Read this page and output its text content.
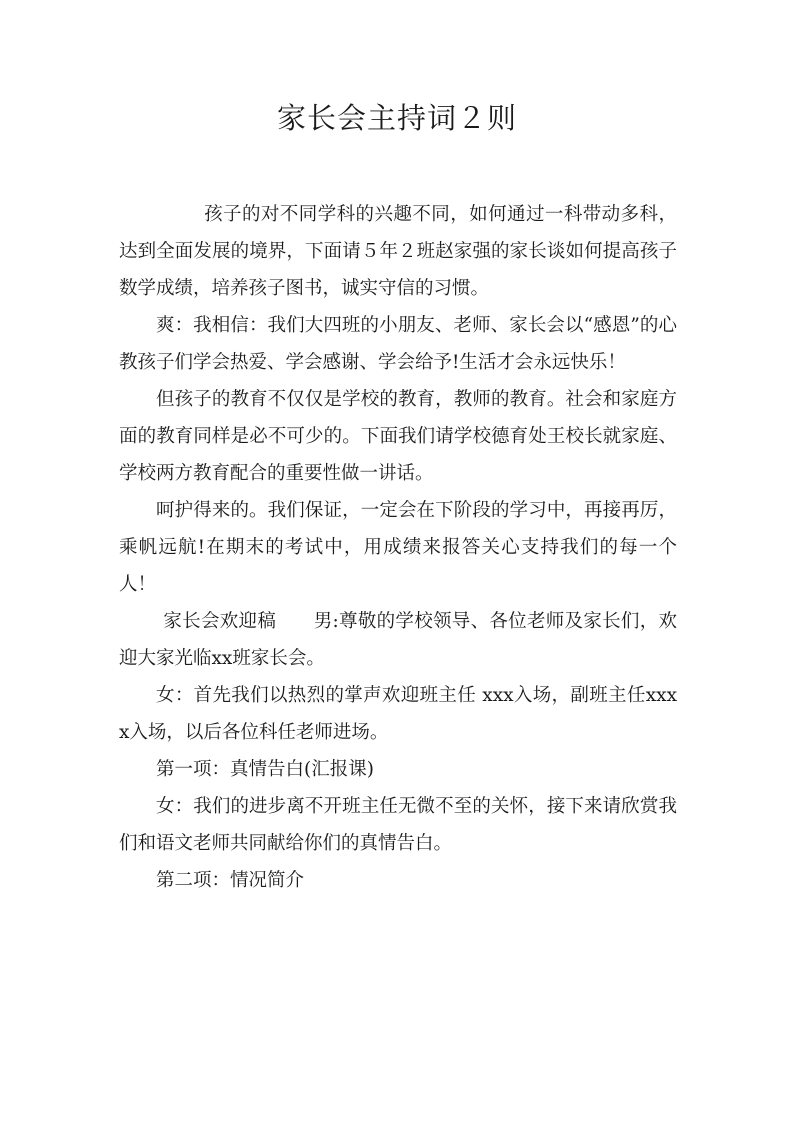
家长会主持词２则

孩子的对不同学科的兴趣不同，如何通过一科带动多科，达到全面发展的境界，下面请５年２班赵家强的家长谈如何提高孩子数学成绩，培养孩子图书，诚实守信的习惯。

爽：我相信：我们大四班的小朋友、老师、家长会以“感恩”的心教孩子们学会热爱、学会感谢、学会给予!生活才会永远快乐！

但孩子的教育不仅仅是学校的教育，教师的教育。社会和家庭方面的教育同样是必不可少的。下面我们请学校德育处王校长就家庭、学校两方教育配合的重要性做一讲话。

呵护得来的。我们保证，一定会在下阶段的学习中，再接再厉，乘帆远航!在期末的考试中，用成绩来报答关心支持我们的每一个人！

家长会欢迎稿　　男:尊敬的学校领导、各位老师及家长们，欢迎大家光临xx班家长会。

女：首先我们以热烈的掌声欢迎班主任 xxx入场，副班主任xxxx入场，以后各位科任老师进场。

第一项：真情告白(汇报课)

女：我们的进步离不开班主任无微不至的关怀，接下来请欣赏我们和语文老师共同献给你们的真情告白。

第二项：情况简介
